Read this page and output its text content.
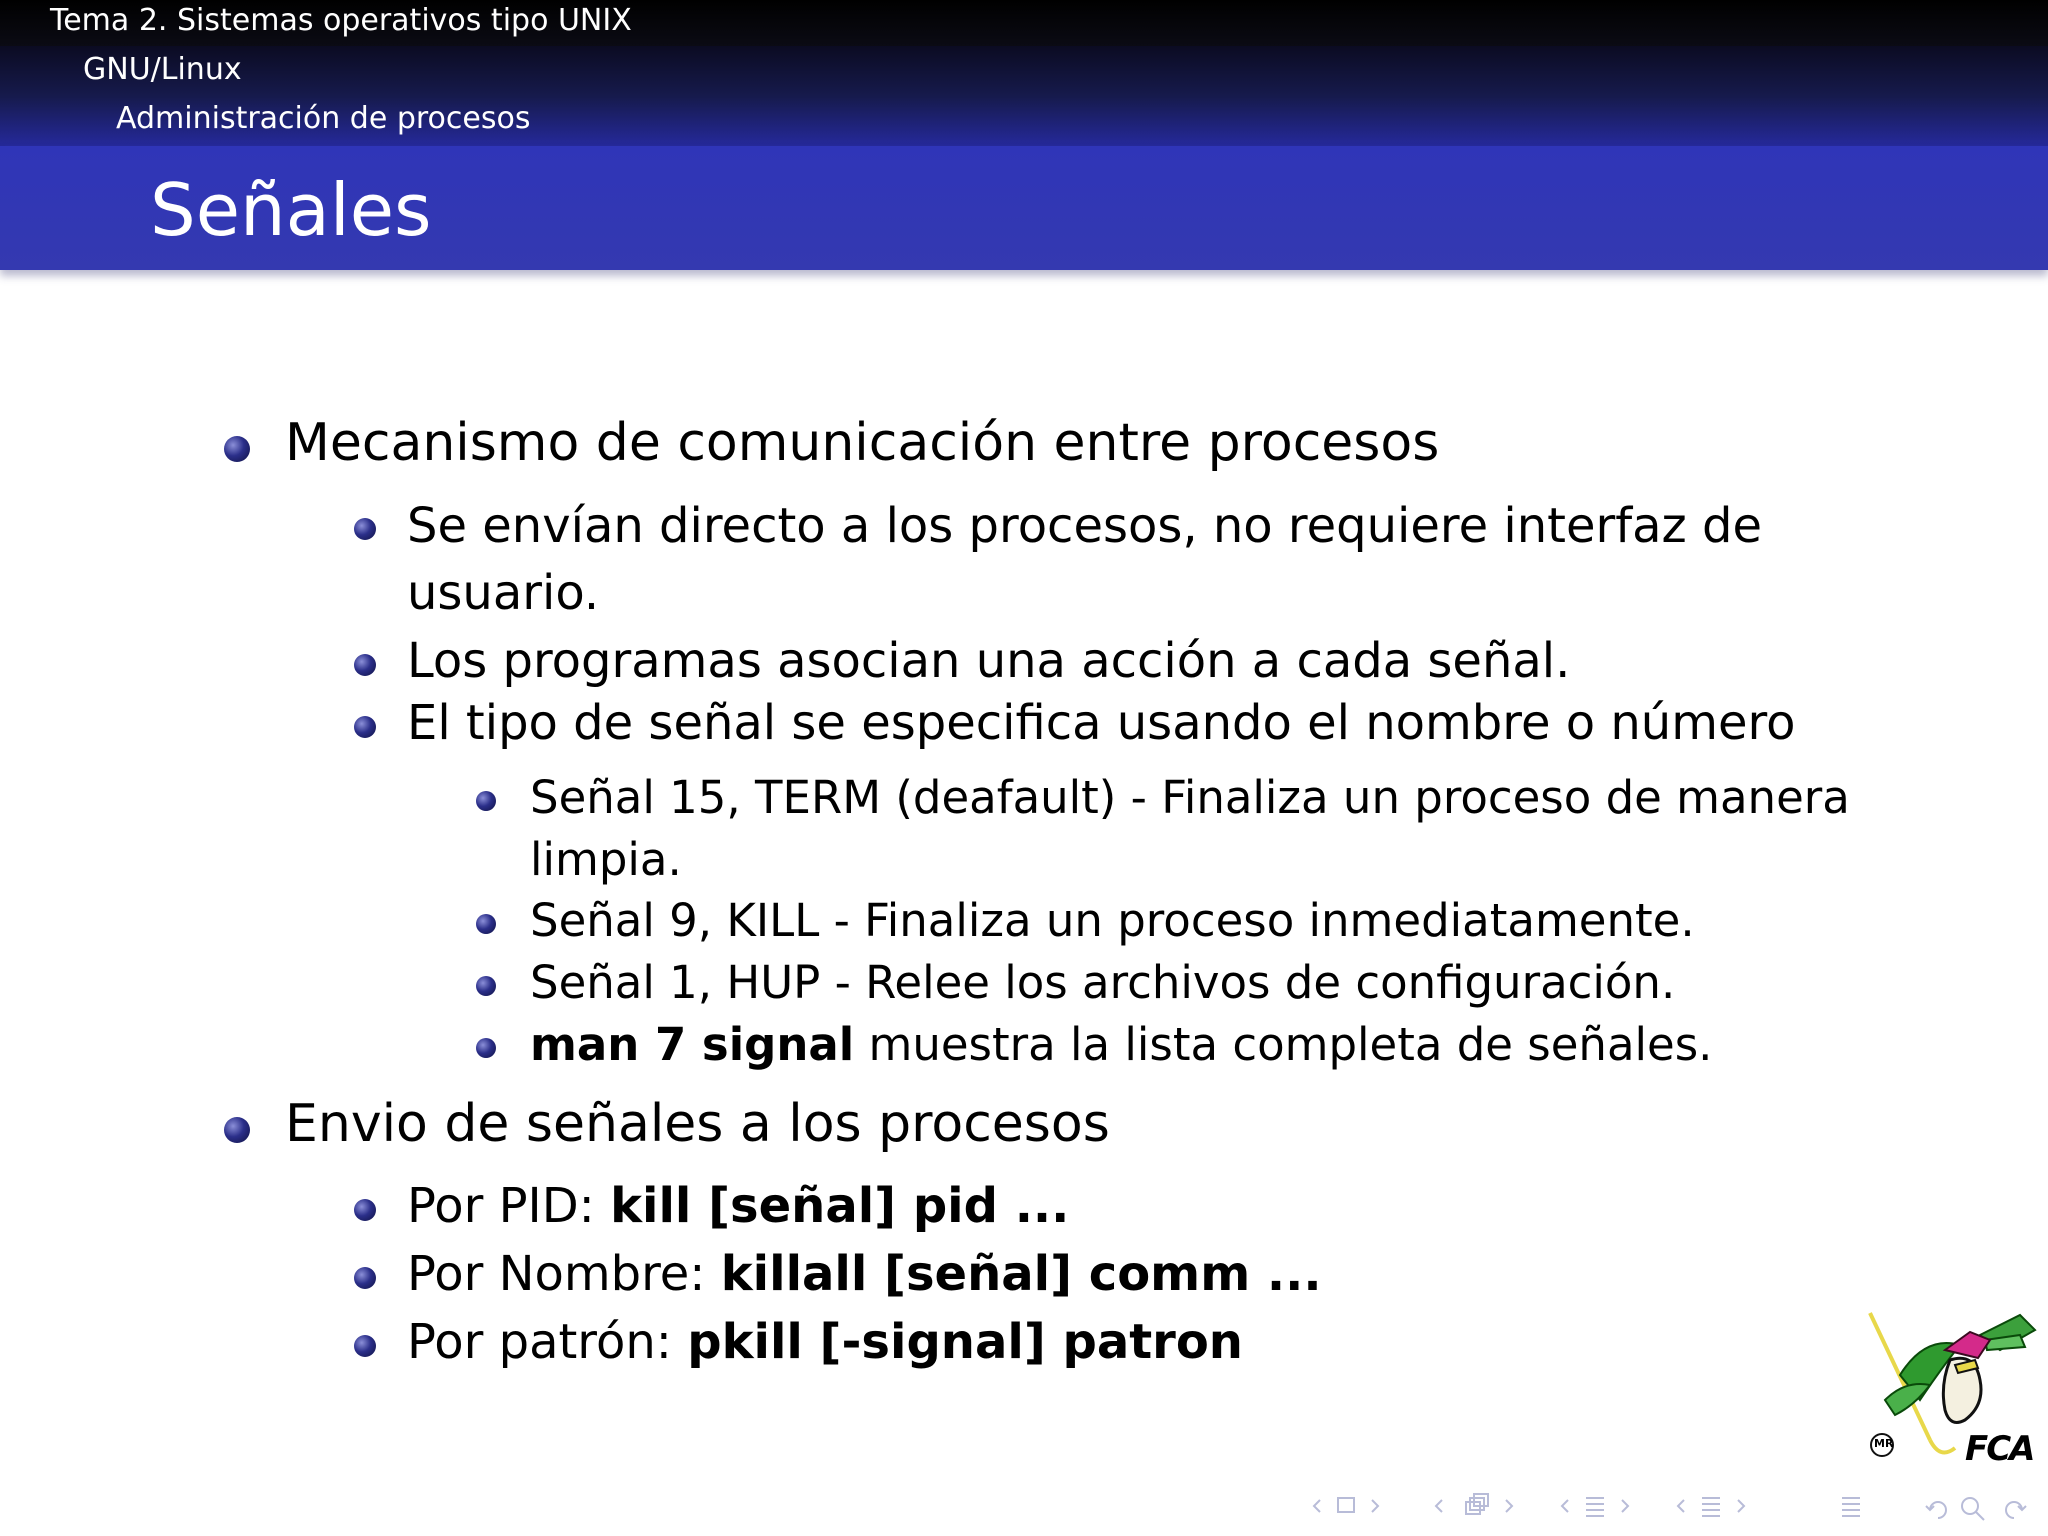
Tema 2. Sistemas operativos tipo UNIX
GNU/Linux
Administración de procesos
Señales
Mecanismo de comunicación entre procesos
Se envían directo a los procesos, no requiere interfaz de
usuario.
Los programas asocian una acción a cada señal.
El tipo de señal se especifica usando el nombre o número
Señal 15, TERM (deafault) - Finaliza un proceso de manera
limpia.
Señal 9, KILL - Finaliza un proceso inmediatamente.
Señal 1, HUP - Relee los archivos de configuración.
man 7 signal muestra la lista completa de señales.
Envio de señales a los procesos
Por PID: kill [señal] pid ...
Por Nombre: killall [señal] comm ...
Por patrón: pkill [-signal] patron
MR FCA
